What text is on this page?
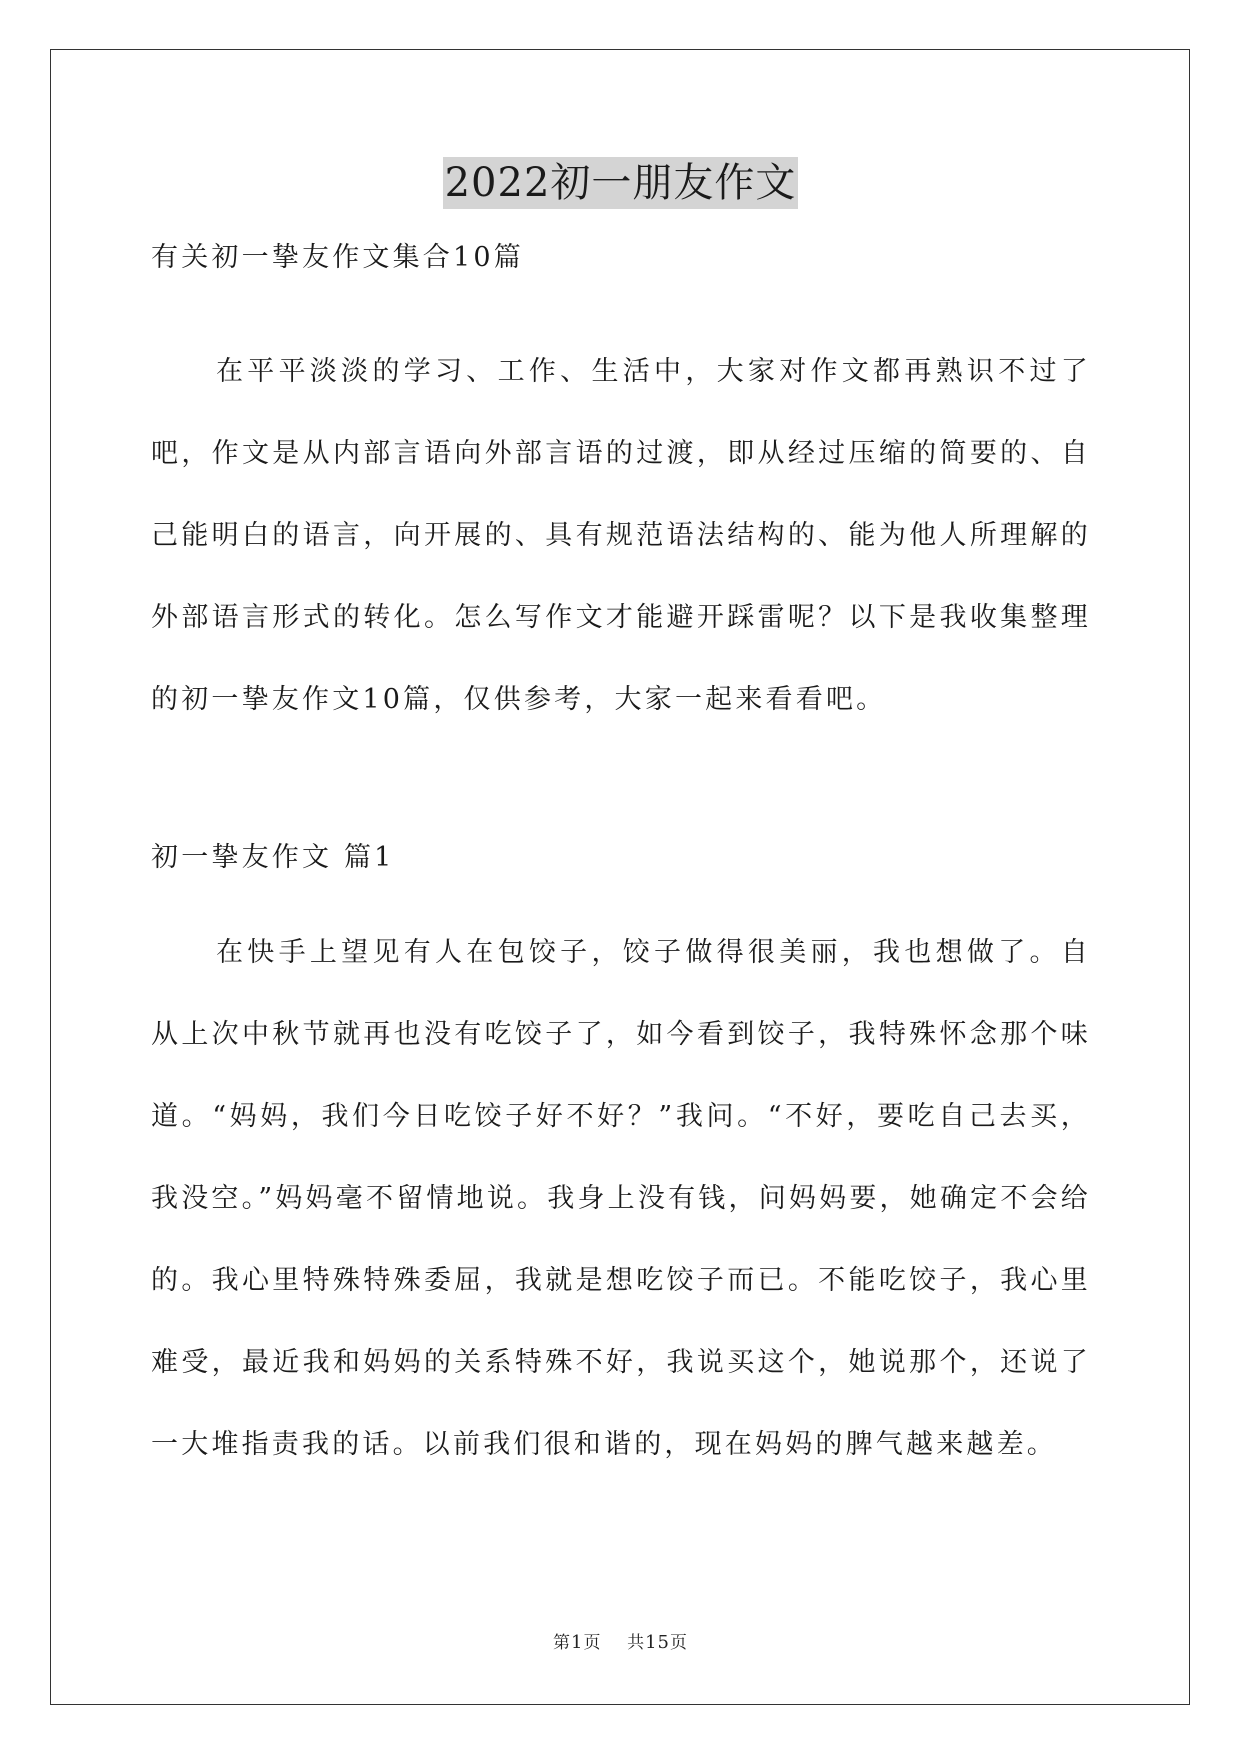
2022初一朋友作文
有关初一挚友作文集合10篇
在平平淡淡的学习、工作、生活中，大家对作文都再熟识不过了吧，作文是从内部言语向外部言语的过渡，即从经过压缩的简要的、自己能明白的语言，向开展的、具有规范语法结构的、能为他人所理解的外部语言形式的转化。怎么写作文才能避开踩雷呢？以下是我收集整理的初一挚友作文10篇，仅供参考，大家一起来看看吧。
初一挚友作文 篇1
在快手上望见有人在包饺子，饺子做得很美丽，我也想做了。自从上次中秋节就再也没有吃饺子了，如今看到饺子，我特殊怀念那个味道。“妈妈，我们今日吃饺子好不好？”我问。“不好，要吃自己去买，我没空。”妈妈毫不留情地说。我身上没有钱，问妈妈要，她确定不会给的。我心里特殊特殊委屈，我就是想吃饺子而已。不能吃饺子，我心里难受，最近我和妈妈的关系特殊不好，我说买这个，她说那个，还说了一大堆指责我的话。以前我们很和谐的，现在妈妈的脾气越来越差。
第1页    共15页
